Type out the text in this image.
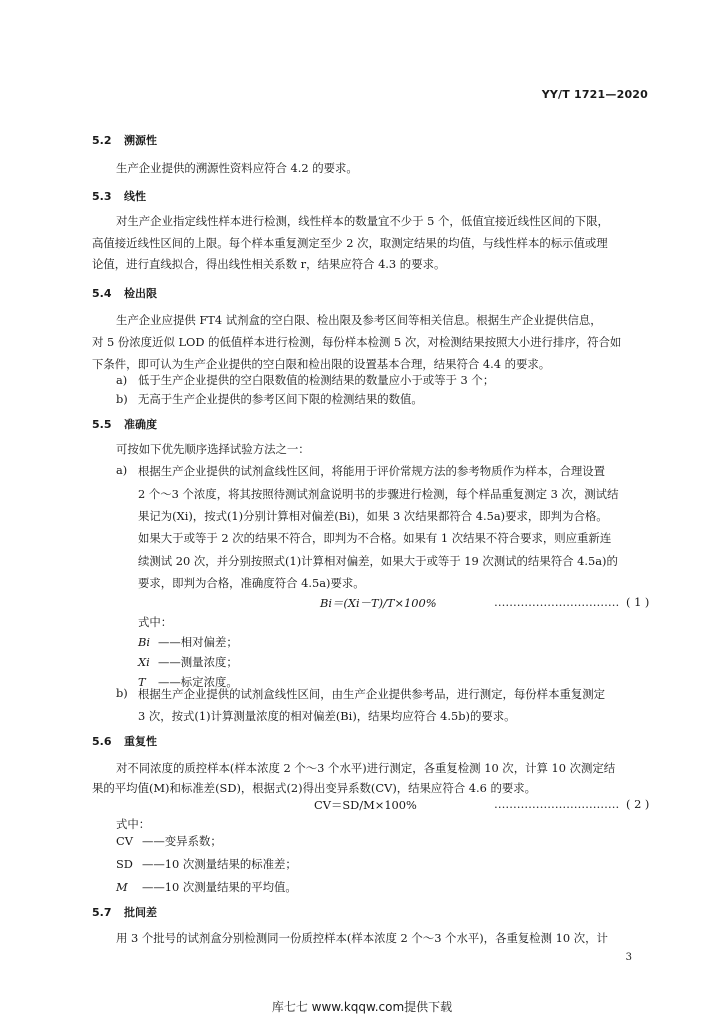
YY/T 1721—2020
5.2 溯源性
生产企业提供的溯源性资料应符合 4.2 的要求。
5.3 线性
对生产企业指定线性样本进行检测，线性样本的数量宜不少于 5 个，低值宜接近线性区间的下限，
高值接近线性区间的上限。每个样本重复测定至少 2 次，取测定结果的均值，与线性样本的标示值或理
论值，进行直线拟合，得出线性相关系数 r，结果应符合 4.3 的要求。
5.4 检出限
生产企业应提供 FT4 试剂盒的空白限、检出限及参考区间等相关信息。根据生产企业提供信息，
对 5 份浓度近似 LOD 的低值样本进行检测，每份样本检测 5 次，对检测结果按照大小进行排序，符合如
下条件，即可认为生产企业提供的空白限和检出限的设置基本合理，结果符合 4.4 的要求。
a) 低于生产企业提供的空白限数值的检测结果的数量应小于或等于 3 个；
b) 无高于生产企业提供的参考区间下限的检测结果的数值。
5.5 准确度
可按如下优先顺序选择试验方法之一：
a) 根据生产企业提供的试剂盒线性区间，将能用于评价常规方法的参考物质作为样本，合理设置
2 个～3 个浓度，将其按照待测试剂盒说明书的步骤进行检测，每个样品重复测定 3 次，测试结
果记为(Xi)，按式(1)分别计算相对偏差(Bi)，如果 3 次结果都符合 4.5a)要求，即判为合格。
如果大于或等于 2 次的结果不符合，即判为不合格。如果有 1 次结果不符合要求，则应重新连
续测试 20 次，并分别按照式(1)计算相对偏差，如果大于或等于 19 次测试的结果符合 4.5a)的
要求，即判为合格，准确度符合 4.5a)要求。
Bi＝(Xi－T)/T×100%	…………………………… ( 1 )
式中：
Bi ——相对偏差；
Xi ——测量浓度；
T ——标定浓度。
b) 根据生产企业提供的试剂盒线性区间，由生产企业提供参考品，进行测定，每份样本重复测定
3 次，按式(1)计算测量浓度的相对偏差(Bi)，结果均应符合 4.5b)的要求。
5.6 重复性
对不同浓度的质控样本(样本浓度 2 个～3 个水平)进行测定，各重复检测 10 次，计算 10 次测定结
果的平均值(M)和标准差(SD)，根据式(2)得出变异系数(CV)，结果应符合 4.6 的要求。
CV＝SD/M×100%	…………………………… ( 2 )
式中：
CV ——变异系数；
SD ——10 次测量结果的标准差；
M ——10 次测量结果的平均值。
3
库七七 www.kqqw.com提供下载
5.7 批间差
用 3 个批号的试剂盒分别检测同一份质控样本(样本浓度 2 个～3 个水平)，各重复检测 10 次，计
